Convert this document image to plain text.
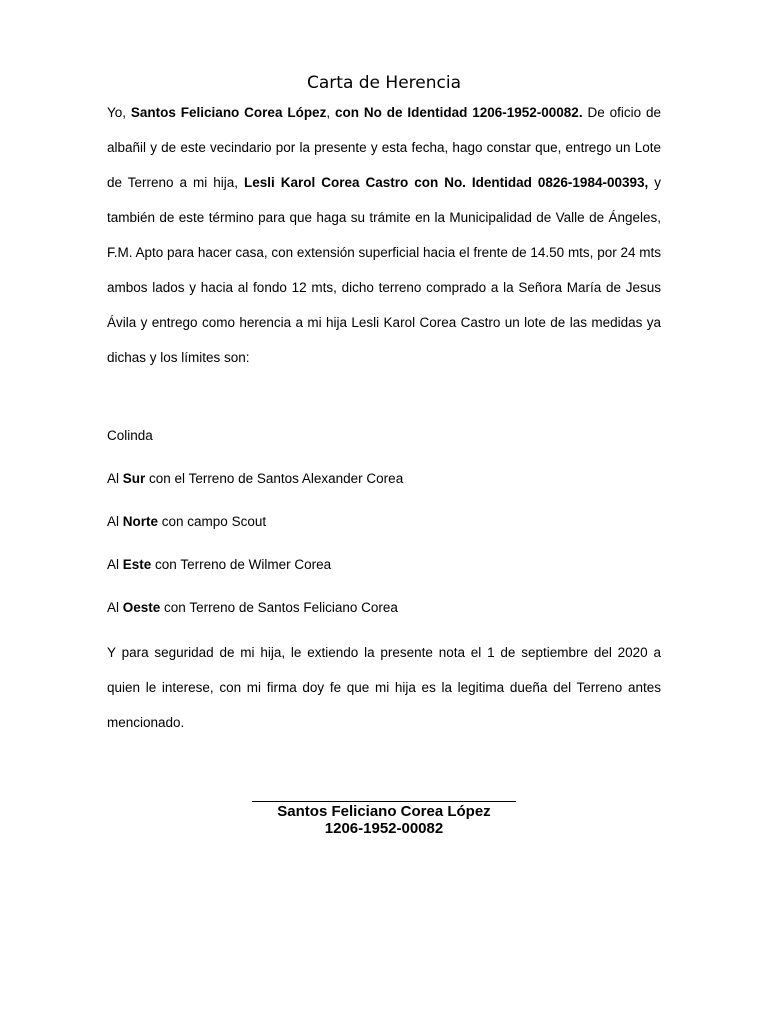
Carta de Herencia
Yo, Santos Feliciano Corea López, con No de Identidad 1206-1952-00082. De oficio de albañil y de este vecindario por la presente y esta fecha, hago constar que, entrego un Lote de Terreno a mi hija, Lesli Karol Corea Castro con No. Identidad 0826-1984-00393, y también de este término para que haga su trámite en la Municipalidad de Valle de Ángeles, F.M. Apto para hacer casa, con extensión superficial hacia el frente de 14.50 mts, por 24 mts ambos lados y hacia al fondo 12 mts, dicho terreno comprado a la Señora María de Jesus Ávila y entrego como herencia a mi hija Lesli Karol Corea Castro un lote de las medidas ya dichas y los límites son:
Colinda
Al Sur con el Terreno de Santos Alexander Corea
Al Norte con campo Scout
Al Este con Terreno de Wilmer Corea
Al Oeste con Terreno de Santos Feliciano Corea
Y para seguridad de mi hija, le extiendo la presente nota el 1 de septiembre del 2020 a quien le interese, con mi firma doy fe que mi hija es la legitima dueña del Terreno antes mencionado.
Santos Feliciano Corea López
1206-1952-00082
